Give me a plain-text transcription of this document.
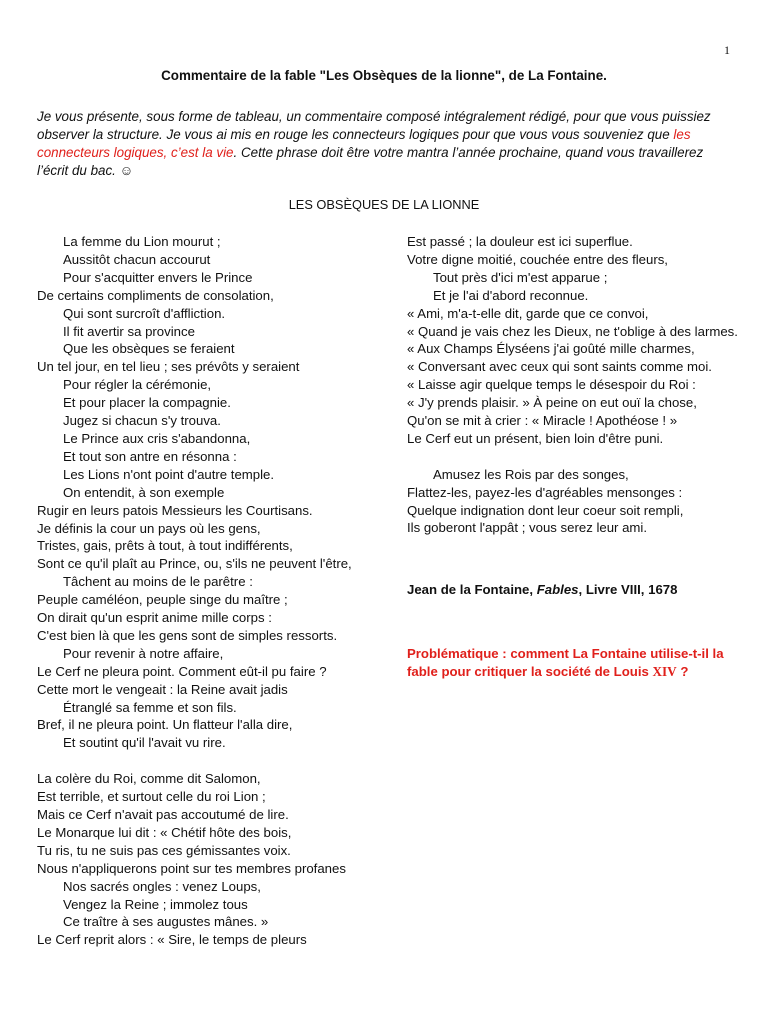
1
Commentaire de la fable "Les Obsèques de la lionne", de La Fontaine.
Je vous présente, sous forme de tableau, un commentaire composé intégralement rédigé, pour que vous puissiez observer la structure. Je vous ai mis en rouge les connecteurs logiques pour que vous vous souveniez que les connecteurs logiques, c’est la vie. Cette phrase doit être votre mantra l’année prochaine, quand vous travaillerez l’écrit du bac. ☺
LES OBSÈQUES DE LA LIONNE
La femme du Lion mourut ;
Aussitôt chacun accourut
Pour s'acquitter envers le Prince
De certains compliments de consolation,
Qui sont surcroît d'affliction.
Il fit avertir sa province
Que les obsèques se feraient
Un tel jour, en tel lieu ; ses prévôts y seraient
Pour régler la cérémonie,
Et pour placer la compagnie.
Jugez si chacun s'y trouva.
Le Prince aux cris s'abandonna,
Et tout son antre en résonna :
Les Lions n'ont point d'autre temple.
On entendit, à son exemple
Rugir en leurs patois Messieurs les Courtisans.
Je définis la cour un pays où les gens,
Tristes, gais, prêts à tout, à tout indifférents,
Sont ce qu'il plaît au Prince, ou, s'ils ne peuvent l'être,
Tâchent au moins de le parêtre :
Peuple caméléon, peuple singe du maître ;
On dirait qu'un esprit anime mille corps :
C'est bien là que les gens sont de simples ressorts.
Pour revenir à notre affaire,
Le Cerf ne pleura point. Comment eût-il pu faire ?
Cette mort le vengeait : la Reine avait jadis
Étranglé sa femme et son fils.
Bref, il ne pleura point. Un flatteur l'alla dire,
Et soutint qu'il l'avait vu rire.
La colère du Roi, comme dit Salomon,
Est terrible, et surtout celle du roi Lion ;
Mais ce Cerf n'avait pas accoutumé de lire.
Le Monarque lui dit : « Chétif hôte des bois,
Tu ris, tu ne suis pas ces gémissantes voix.
Nous n'appliquerons point sur tes membres profanes
Nos sacrés ongles : venez Loups,
Vengez la Reine ; immolez tous
Ce traître à ses augustes mânes. »
Le Cerf reprit alors : « Sire, le temps de pleurs
Est passé ; la douleur est ici superflue.
Votre digne moitié, couchée entre des fleurs,
Tout près d'ici m'est apparue ;
Et je l'ai d'abord reconnue.
« Ami, m'a-t-elle dit, garde que ce convoi,
« Quand je vais chez les Dieux, ne t'oblige à des larmes.
« Aux Champs Élyséens j'ai goûté mille charmes,
« Conversant avec ceux qui sont saints comme moi.
« Laisse agir quelque temps le désespoir du Roi :
« J'y prends plaisir. » À peine on eut ouï la chose,
Qu'on se mit à crier : « Miracle ! Apothéose ! »
Le Cerf eut un présent, bien loin d'être puni.
Amusez les Rois par des songes,
Flattez-les, payez-les d'agréables mensonges :
Quelque indignation dont leur coeur soit rempli,
Ils goberont l'appât ; vous serez leur ami.
Jean de la Fontaine, Fables, Livre VIII, 1678
Problématique : comment La Fontaine utilise-t-il la fable pour critiquer la société de Louis XIV ?
